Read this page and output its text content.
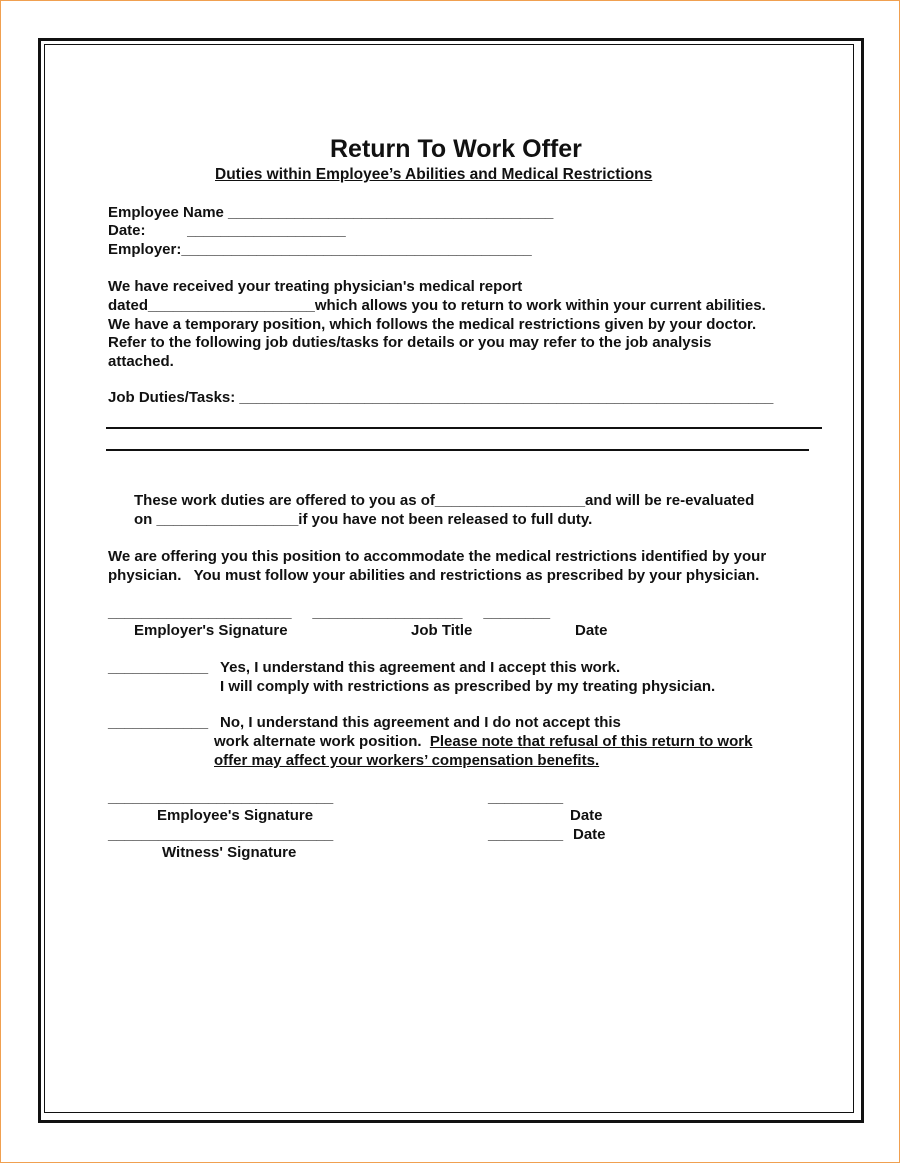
Return To Work Offer
Duties within Employee’s Abilities and Medical Restrictions
Employee Name _______________________________________
Date:          ___________________
Employer:__________________________________________
We have received your treating physician's medical report
dated____________________which allows you to return to work within your current abilities.
We have a temporary position, which follows the medical restrictions given by your doctor.
Refer to the following job duties/tasks for details or you may refer to the job analysis
attached.
Job Duties/Tasks: ________________________________________________________________
These work duties are offered to you as of__________________and will be re-evaluated
on _________________if you have not been released to full duty.
We are offering you this position to accommodate the medical restrictions identified by your
physician.   You must follow your abilities and restrictions as prescribed by your physician.
______________________     __________________     ________
Employer's Signature	Job Title	Date
____________ Yes, I understand this agreement and I accept this work.
I will comply with restrictions as prescribed by my treating physician.
____________ No, I understand this agreement and I do not accept this
work alternate work position.  Please note that refusal of this return to work
offer may affect your workers’ compensation benefits.
___________________________	_________
Employee's Signature	Date
_________ Date
___________________________
Witness' Signature
